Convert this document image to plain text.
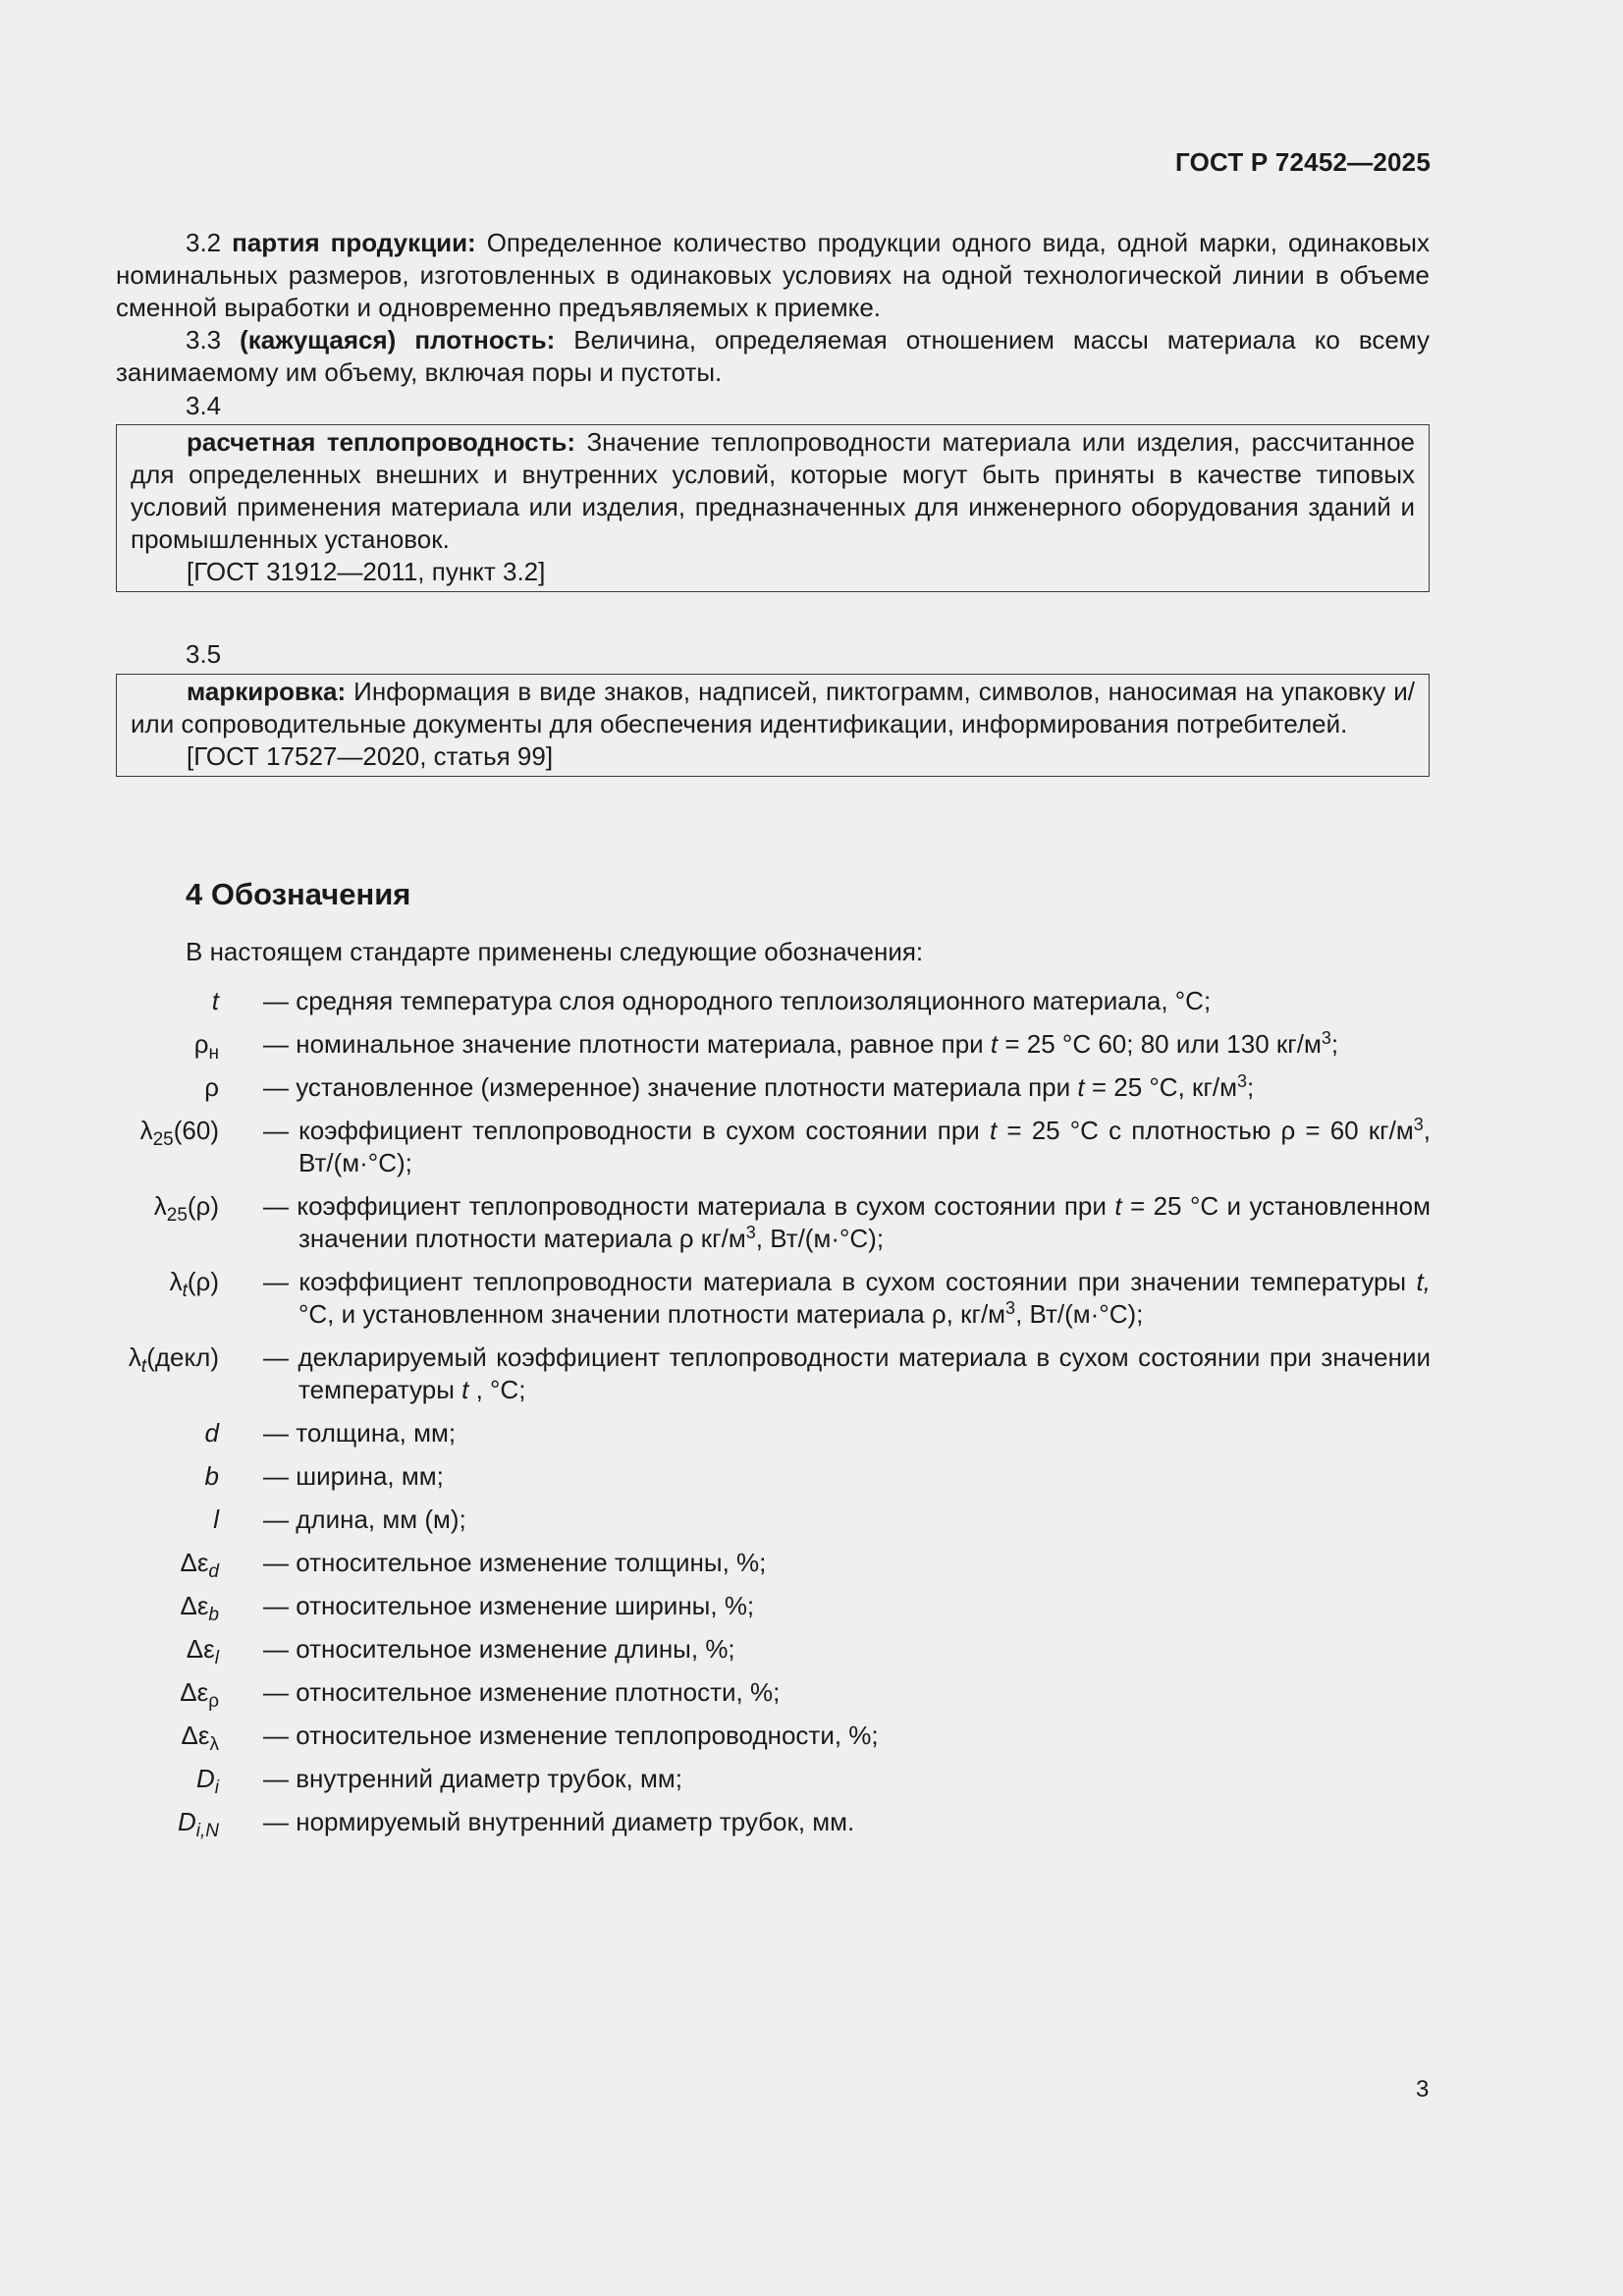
ГОСТ Р 72452—2025

3.2 партия продукции: Определенное количество продукции одного вида, одной марки, одинаковых номинальных размеров, изготовленных в одинаковых условиях на одной технологической линии в объеме сменной выработки и одновременно предъявляемых к приемке.

3.3 (кажущаяся) плотность: Величина, определяемая отношением массы материала ко всему занимаемому им объему, включая поры и пустоты.

3.4

расчетная теплопроводность: Значение теплопроводности материала или изделия, рассчитанное для определенных внешних и внутренних условий, которые могут быть приняты в качестве типовых условий применения материала или изделия, предназначенных для инженерного оборудования зданий и промышленных установок.

[ГОСТ 31912—2011, пункт 3.2]

3.5

маркировка: Информация в виде знаков, надписей, пиктограмм, символов, наносимая на упаковку и/или сопроводительные документы для обеспечения идентификации, информирования потребителей.

[ГОСТ 17527—2020, статья 99]

4 Обозначения

В настоящем стандарте применены следующие обозначения:

t — средняя температура слоя однородного теплоизоляционного материала, °С;
$\rho_н$ — номинальное значение плотности материала, равное при t = 25 °С 60; 80 или 130 $кг/м^3$;
ρ — установленное (измеренное) значение плотности материала при t = 25 °С, $кг/м^3$;
$\lambda_{25}(60)$ — коэффициент теплопроводности в сухом состоянии при t = 25 °С с плотностью ρ = 60 $кг/м^3$, Вт/(м·°С);
$\lambda_{25}(\rho)$ — коэффициент теплопроводности материала в сухом состоянии при t = 25 °С и установленном значении плотности материала ρ $кг/м^3$, Вт/(м·°С);
$\lambda_t(\rho)$ — коэффициент теплопроводности материала в сухом состоянии при значении температуры t, °С, и установленном значении плотности материала ρ, $кг/м^3$, Вт/(м·°С);
$\lambda_t(декл)$ — декларируемый коэффициент теплопроводности материала в сухом состоянии при значении температуры t , °С;
d — толщина, мм;
b — ширина, мм;
l — длина, мм (м);
$\Delta\varepsilon_d$ — относительное изменение толщины, %;
$\Delta\varepsilon_b$ — относительное изменение ширины, %;
$\Delta\varepsilon_l$ — относительное изменение длины, %;
$\Delta\varepsilon_\rho$ — относительное изменение плотности, %;
$\Delta\varepsilon_\lambda$ — относительное изменение теплопроводности, %;
$D_i$ — внутренний диаметр трубок, мм;
$D_{i,N}$ — нормируемый внутренний диаметр трубок, мм.
3
